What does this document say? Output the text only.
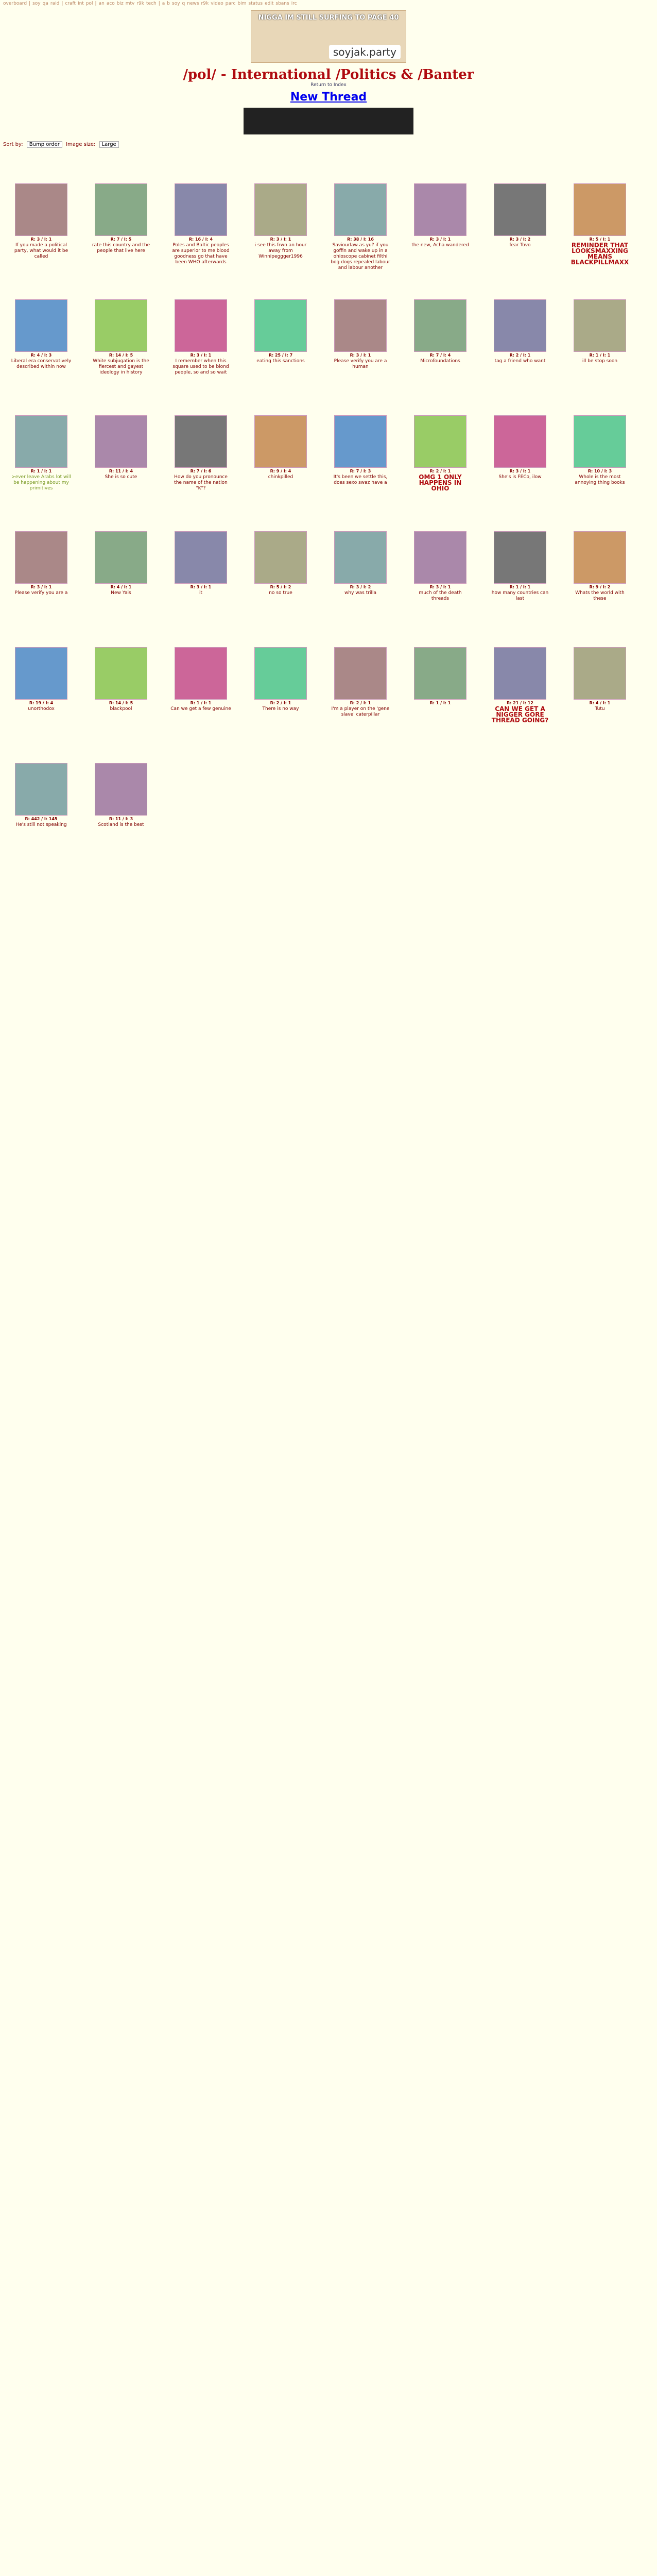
overboard | soy qa raid | craft int pol | an aco biz mtv r9k tech | a b soy q news r9k video parc bim status edit sbans irc
NIGGA IM STILL SURFING TO PAGE 40
soyjak.party
/pol/ - International /Politics & /Banter
Return to Index
New Thread
Sort by: Bump order Image size: Large
R: 3 / I: 1
If you made a political party, what would it be called
R: 7 / I: 5
rate this country and the people that live here
R: 16 / I: 4
Poles and Baltic peoples are superior to me blood goodness go that have been WHO afterwards
R: 3 / I: 1
i see this frwn an hour away from Winnipeggger1996
R: 38 / I: 16
Saviourlaw as yu? if you goffin and wake up in a ohioscope cabinet filthi bog dogs repealed labour and labour another
R: 3 / I: 1
the new, Acha wandered
R: 3 / I: 2
fear Tovo
R: 5 / I: 1
REMINDER THAT LOOKSMAXXING MEANS BLACKPILLMAXX
R: 4 / I: 3
Liberal era conservatively described within now
R: 14 / I: 5
White subjugation is the fiercest and gayest ideology in history
R: 3 / I: 1
I remember when this square used to be blond people, so and so wait
R: 25 / I: 7
eating this sanctions
R: 3 / I: 1
Please verify you are a human
R: 7 / I: 4
Microfoundations
R: 2 / I: 1
tag a friend who want
R: 1 / I: 1
ill be stop soon
R: 1 / I: 1
>ever leave Arabs lot will be happening about my primitives
R: 11 / I: 4
She is so cute
R: 7 / I: 6
How do you pronounce the name of the nation "K"?
R: 9 / I: 4
chinkpilled
R: 7 / I: 3
It's been we settle this, does sexo swaz have a
R: 2 / I: 1
OMG 1 ONLY HAPPENS IN OHIO
R: 3 / I: 1
She's is FECo, ilow
R: 10 / I: 3
Whole is the most annoying thing books
R: 3 / I: 1
Please verify you are a
R: 4 / I: 1
New Yais
R: 3 / I: 1
it
R: 5 / I: 2
no so true
R: 3 / I: 2
why was trilla
R: 3 / I: 1
much of the death threads
R: 1 / I: 1
how many countries can last
R: 9 / I: 2
Whats the world with these
R: 19 / I: 4
unorthodox
R: 14 / I: 5
blackpool
R: 1 / I: 1
Can we get a few genuine
R: 2 / I: 1
There is no way
R: 2 / I: 1
I'm a player on the 'gene slave' caterpillar
R: 1 / I: 1	R: 21 / I: 12
CAN WE GET A NIGGER GORE THREAD GOING?
R: 4 / I: 1
Tutu
R: 442 / I: 145
He's still not speaking
R: 11 / I: 3
Scotland is the best
